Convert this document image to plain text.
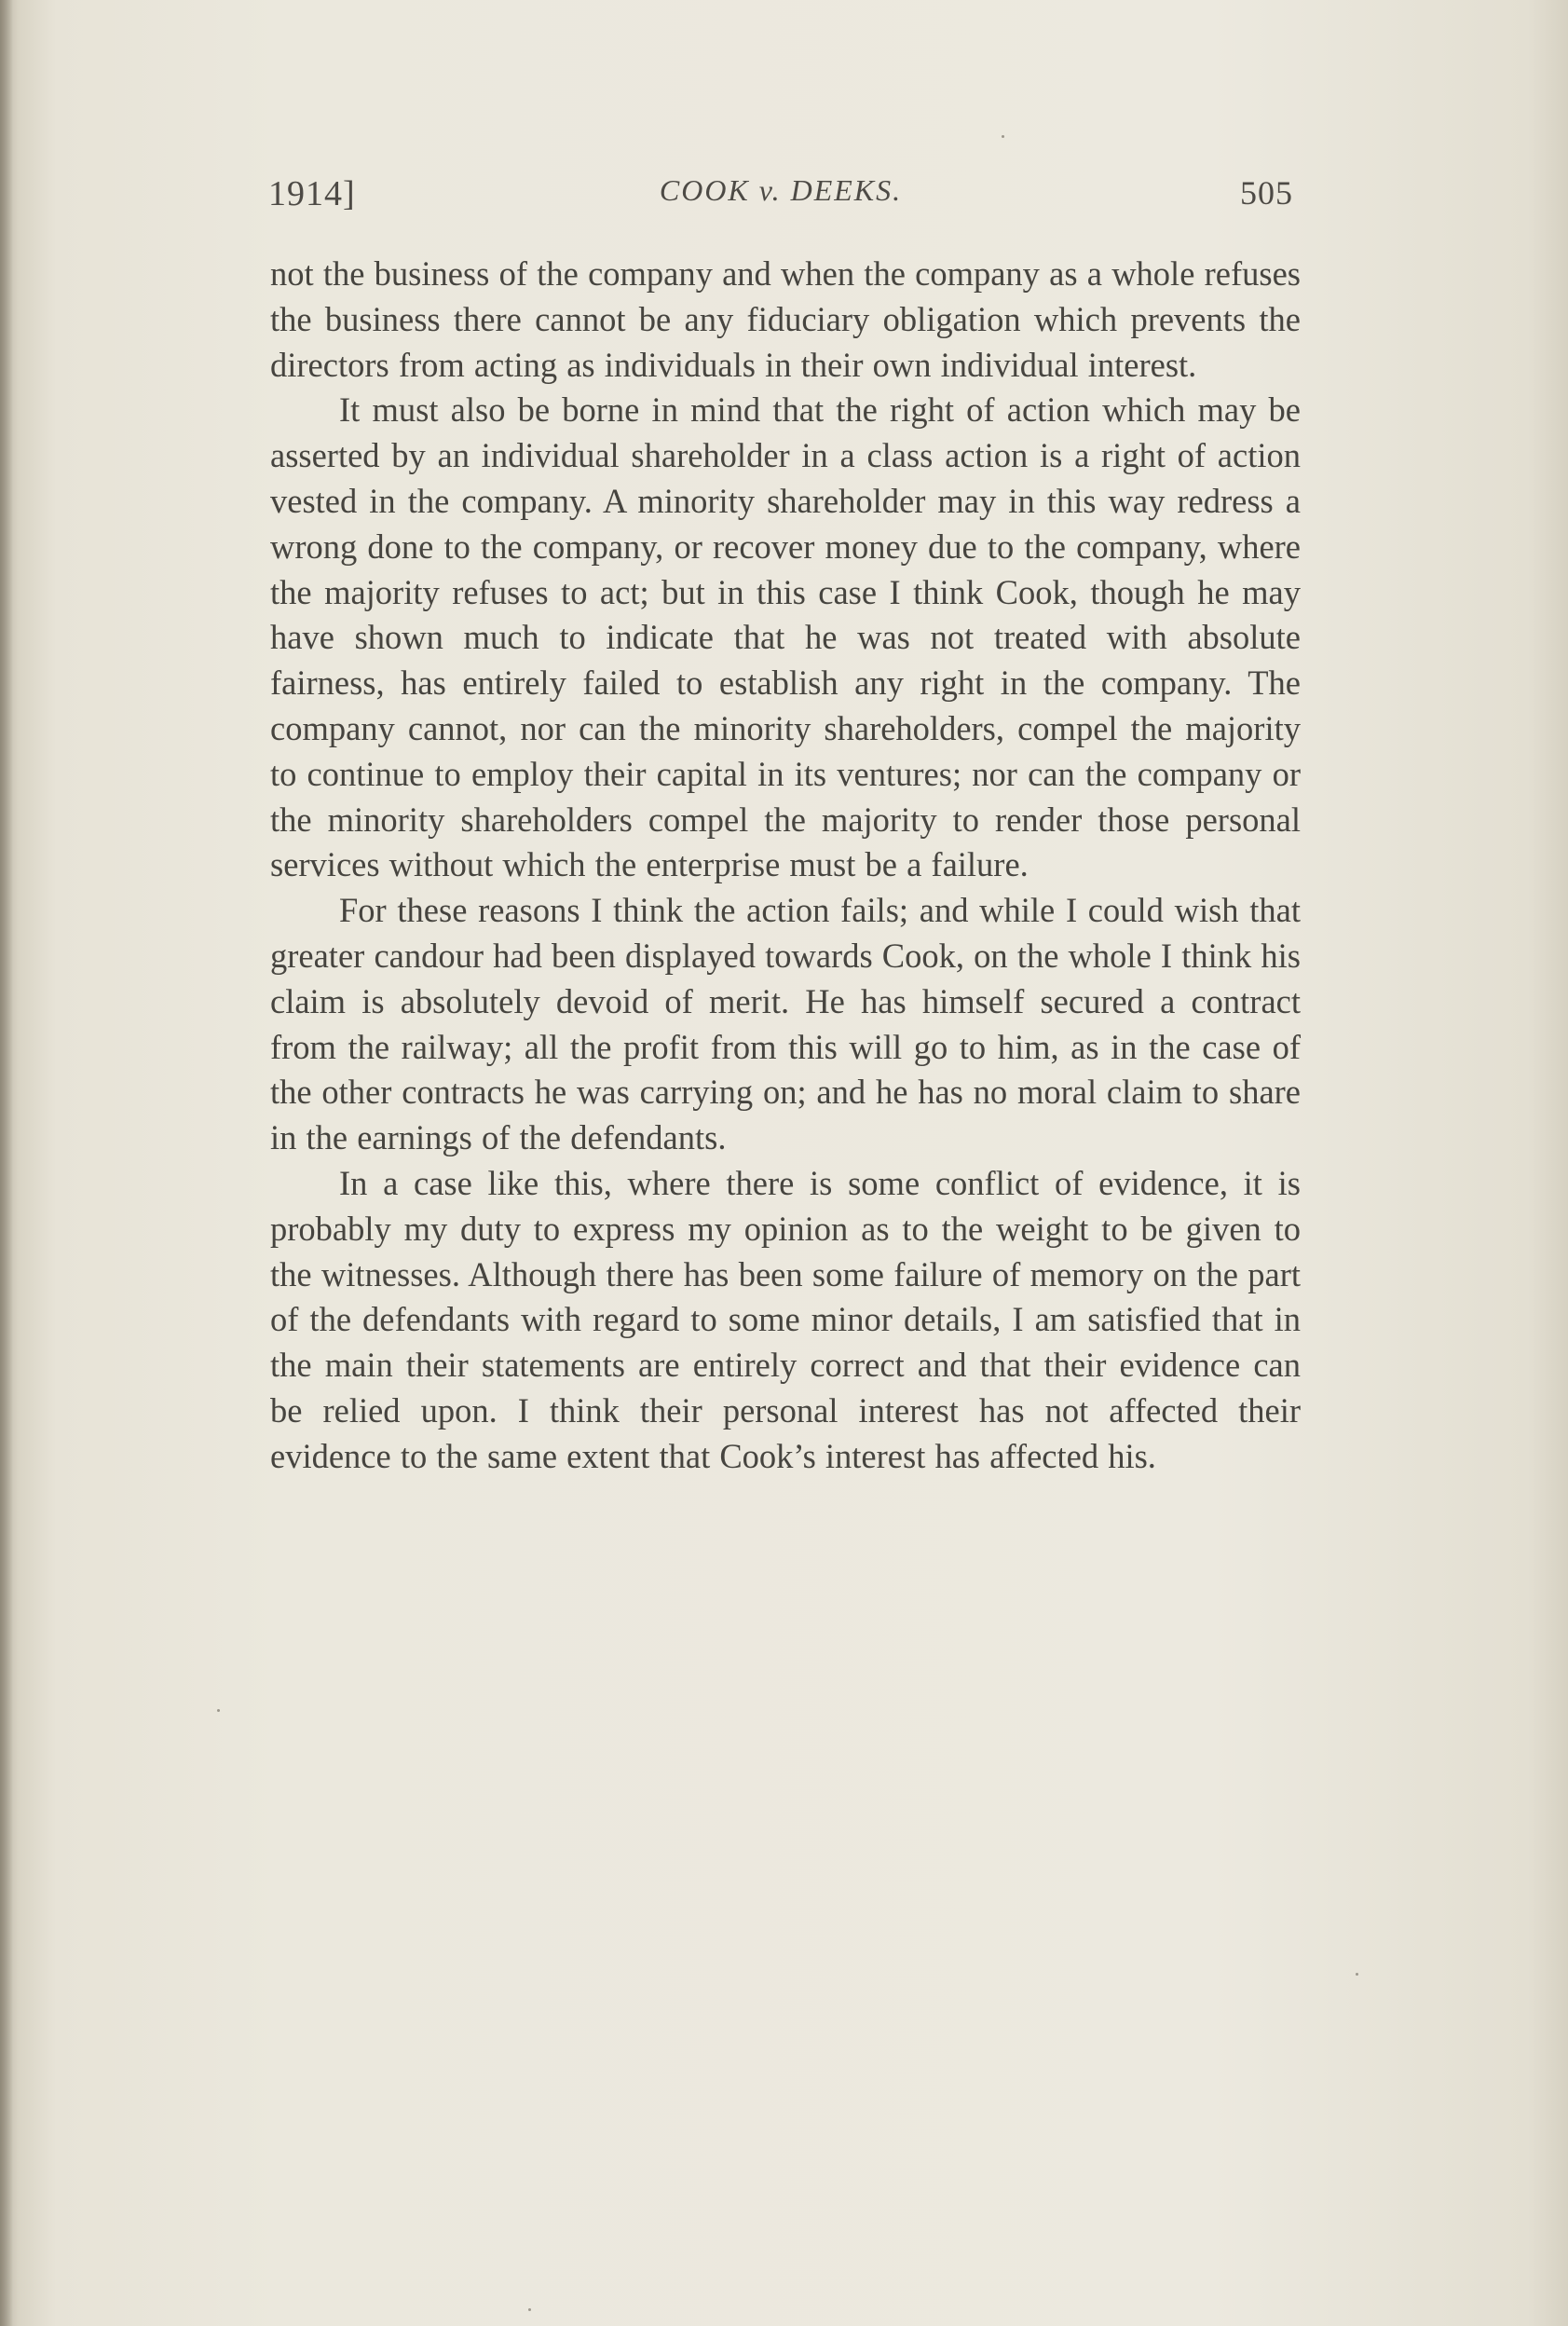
1914]	COOK v. DEEKS.	505

not the business of the company and when the company as a whole refuses the business there cannot be any fiduciary obligation which prevents the directors from acting as individuals in their own individual interest.

It must also be borne in mind that the right of action which may be asserted by an individual shareholder in a class action is a right of action vested in the company. A minority shareholder may in this way redress a wrong done to the company, or recover money due to the company, where the majority refuses to act; but in this case I think Cook, though he may have shown much to indicate that he was not treated with absolute fairness, has entirely failed to establish any right in the company. The company cannot, nor can the minority shareholders, compel the majority to continue to employ their capital in its ventures; nor can the company or the minority shareholders compel the majority to render those personal services without which the enterprise must be a failure.

For these reasons I think the action fails; and while I could wish that greater candour had been displayed towards Cook, on the whole I think his claim is absolutely devoid of merit. He has himself secured a contract from the railway; all the profit from this will go to him, as in the case of the other contracts he was carrying on; and he has no moral claim to share in the earnings of the defendants.

In a case like this, where there is some conflict of evidence, it is probably my duty to express my opinion as to the weight to be given to the witnesses. Although there has been some failure of memory on the part of the defendants with regard to some minor details, I am satisfied that in the main their statements are entirely correct and that their evidence can be relied upon. I think their personal interest has not affected their evidence to the same extent that Cook’s interest has affected his.
